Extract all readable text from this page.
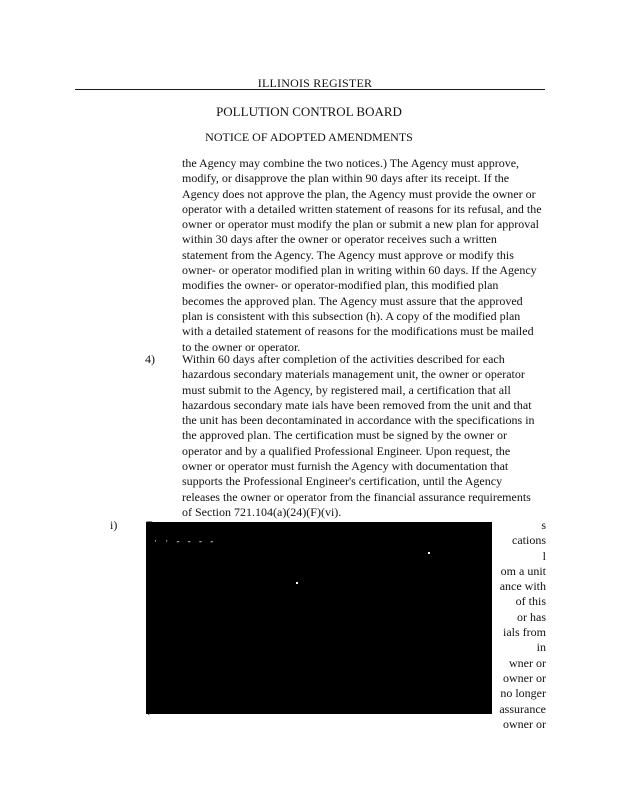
ILLINOIS REGISTER
POLLUTION CONTROL BOARD
NOTICE OF ADOPTED AMENDMENTS
the Agency may combine the two notices.) The Agency must approve,
modify, or disapprove the plan within 90 days after its receipt. If the
Agency does not approve the plan, the Agency must provide the owner or
operator with a detailed written statement of reasons for its refusal, and the
owner or operator must modify the plan or submit a new plan for approval
within 30 days after the owner or operator receives such a written
statement from the Agency. The Agency must approve or modify this
owner- or operator modified plan in writing within 60 days. If the Agency
modifies the owner- or operator-modified plan, this modified plan
becomes the approved plan. The Agency must assure that the approved
plan is consistent with this subsection (h). A copy of the modified plan
with a detailed statement of reasons for the modifications must be mailed
to the owner or operator.
4) Within 60 days after completion of the activities described for each
hazardous secondary materials management unit, the owner or operator
must submit to the Agency, by registered mail, a certification that all
hazardous secondary mate ials have been removed from the unit and that
the unit has been decontaminated in accordance with the specifications in
the approved plan. The certification must be signed by the owner or
operator and by a qualified Professional Engineer. Upon request, the
owner or operator must furnish the Agency with documentation that
supports the Professional Engineer's certification, until the Agency
releases the owner or operator from the financial assurance requirements
of Section 721.104(a)(24)(F)(vi).
i)	s
cations
l
om a unit
ance with
of this
or has
ials from
in
wner or
owner or
no longer
assurance
owner or
· · - - - -
